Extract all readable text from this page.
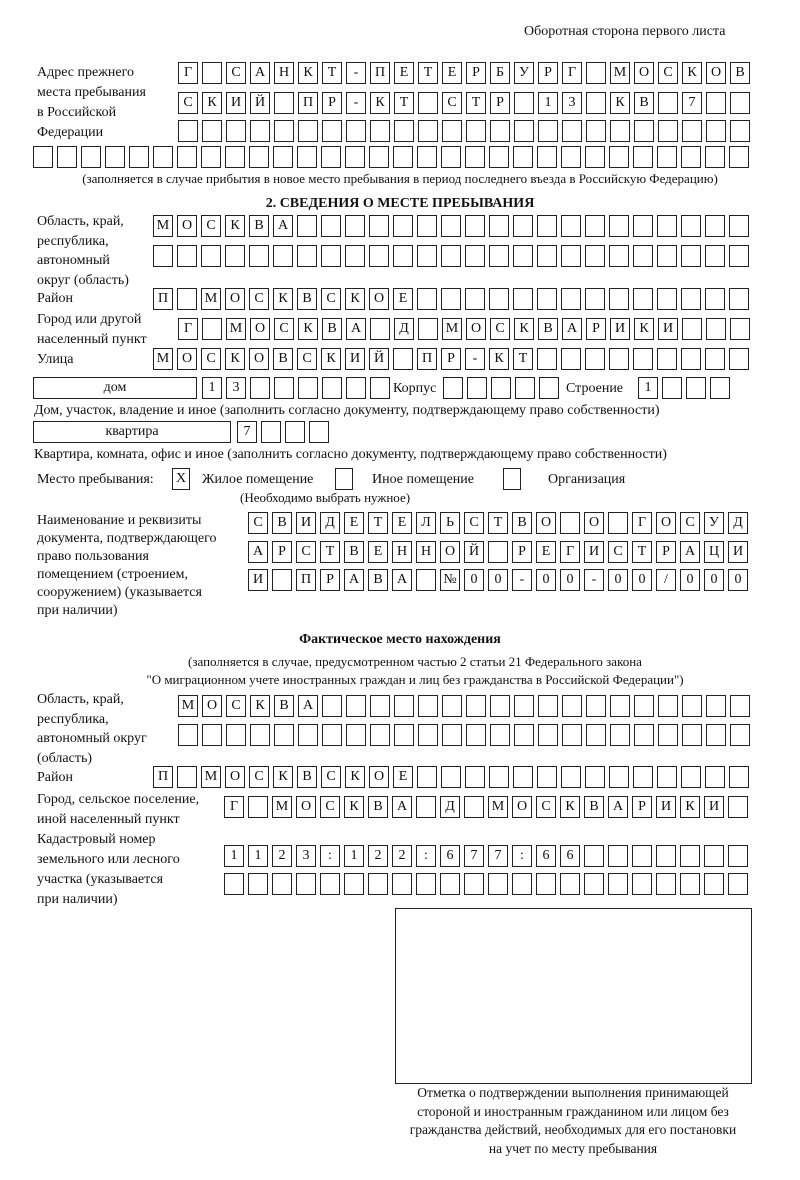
Оборотная сторона первого листа
Адрес прежнего
места пребывания
в Российской
Федерации
Г	С	А Н	К	Т	-	П	Е	Т	Е	Р	Б	У	Р	Г	М О	С	К	О	В
С	К	И Й	П	Р	-	К	Т	С	Т	Р	1	3	К	В	7
(заполняется в случае прибытия в новое место пребывания в период последнего въезда в Российскую Федерацию)
2. СВЕДЕНИЯ О МЕСТЕ ПРЕБЫВАНИЯ
Область, край,
республика,
автономный
округ (область)
М О	С	К	В	А
Район	П	М О	С	К	В	С	К	О	Е
Город или другой
населенный пункт
Г	М О	С	К	В	А	Д	М О	С	К	В	А	Р	И	К	И
Улица	М О	С	К	О	В	С	К	И Й	П	Р	-	К	Т
дом	1	3	Корпус	Строение	1
Дом, участок, владение и иное (заполнить согласно документу, подтверждающему право собственности)
квартира	7
Квартира, комната, офис и иное (заполнить согласно документу, подтверждающему право собственности)
Место пребывания: X Жилое помещение	Иное помещение	Организация
(Необходимо выбрать нужное)
Наименование и реквизиты
документа, подтверждающего
право пользования
помещением (строением,
сооружением) (указывается
при наличии)
С	В	И	Д	Е	Т	Е	Л	Ь	С	Т	В	О	О	Г	О	С	У	Д
А	Р	С	Т	В	Е	Н Н О Й	Р	Е	Г	И	С	Т	Р	А Ц И
И	П	Р	А	В	А	№ 0	0	-	0	0	-	0	0	/	0	0	0
Фактическое место нахождения
(заполняется в случае, предусмотренном частью 2 статьи 21 Федерального закона
"О миграционном учете иностранных граждан и лиц без гражданства в Российской Федерации")
Область, край,
республика,
автономный округ
(область)
М О	С	К	В	А
Район	П	М О	С	К	В	С	К	О	Е
Город, сельское поселение,
иной населенный пункт
Г	М О	С	К	В	А	Д	М О	С	К	В	А	Р	И	К	И
Кадастровый номер
земельного или лесного
участка (указывается
при наличии)
1	1	2	3	:	1	2	2	:	6	7	7	:	6	6
Отметка о подтверждении выполнения принимающей
стороной и иностранным гражданином или лицом без
гражданства действий, необходимых для его постановки
на учет по месту пребывания
